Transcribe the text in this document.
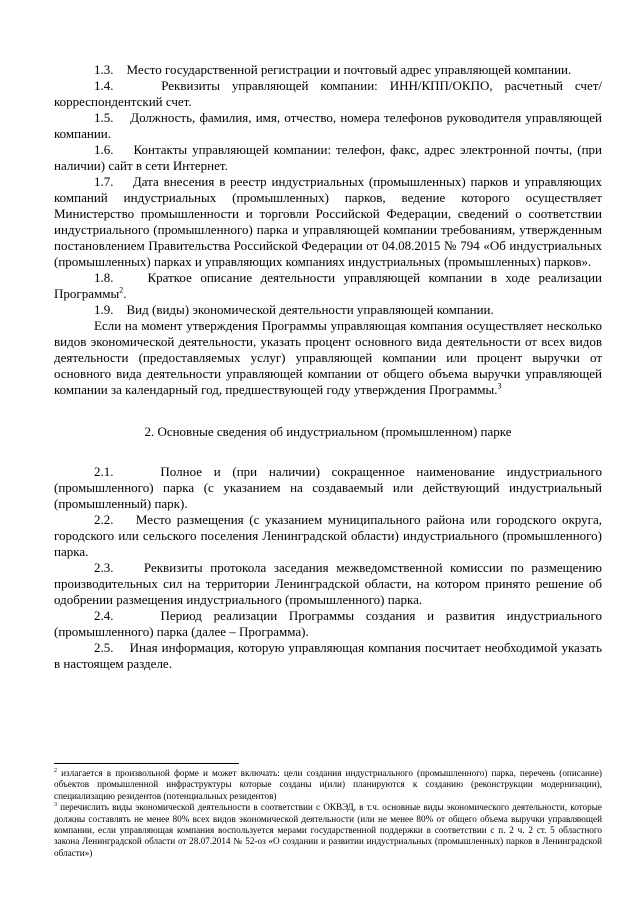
1.3. Место государственной регистрации и почтовый адрес управляющей компании.

1.4.	Реквизиты управляющей компании: ИНН/КПП/ОКПО, расчетный счет/корреспондентский счет.

1.5. Должность, фамилия, имя, отчество, номера телефонов руководителя управляющей компании.

1.6. Контакты управляющей компании: телефон, факс, адрес электронной почты, (при наличии) сайт в сети Интернет.

1.7. Дата внесения в реестр индустриальных (промышленных) парков и управляющих компаний индустриальных (промышленных) парков, ведение которого осуществляет Министерство промышленности и торговли Российской Федерации, сведений о соответствии индустриального (промышленного) парка и управляющей компании требованиям, утвержденным постановлением Правительства Российской Федерации от 04.08.2015 № 794 «Об индустриальных (промышленных) парках и управляющих компаниях индустриальных (промышленных) парков».

1.8.	Краткое описание деятельности управляющей компании в ходе реализации Программы$^2$.

1.9. Вид (виды) экономической деятельности управляющей компании.

Если на момент утверждения Программы управляющая компания осуществляет несколько видов экономической деятельности, указать процент основного вида деятельности от всех видов деятельности (предоставляемых услуг) управляющей компании или процент выручки от основного вида деятельности управляющей компании от общего объема выручки управляющей компании за календарный год, предшествующей году утверждения Программы.$^3$

2. Основные сведения об индустриальном (промышленном) парке

2.1.	Полное и (при наличии) сокращенное наименование индустриального (промышленного) парка (с указанием на создаваемый или действующий индустриальный (промышленный) парк).

2.2. Место размещения (с указанием муниципального района или городского округа, городского или сельского поселения Ленинградской области) индустриального (промышленного) парка.

2.3. Реквизиты протокола заседания межведомственной комиссии по размещению производительных сил на территории Ленинградской области, на котором принято решение об одобрении размещения индустриального (промышленного) парка.

2.4.	Период реализации Программы создания и развития индустриального (промышленного) парка (далее – Программа).

2.5. Иная информация, которую управляющая компания посчитает необходимой указать в настоящем разделе.

$^2$ излагается в произвольной форме и может включать: цели создания индустриального (промышленного) парка, перечень (описание) объектов промышленной инфраструктуры которые созданы и(или) планируются к созданию (реконструкции модернизации), специализацию резидентов (потенциальных резидентов)

$^3$ перечислить виды экономической деятельности в соответствии с ОКВЭД, в т.ч. основные виды экономического деятельности, которые должны составлять не менее 80% всех видов экономической деятельности (или не менее 80% от общего объема выручки управляющей компании, если управляющая компания воспользуется мерами государственной поддержки в соответствии с п. 2 ч. 2 ст. 5 областного закона Ленинградской области от 28.07.2014 № 52-оз «О создании и развитии индустриальных (промышленных) парков в Ленинградской области»)
